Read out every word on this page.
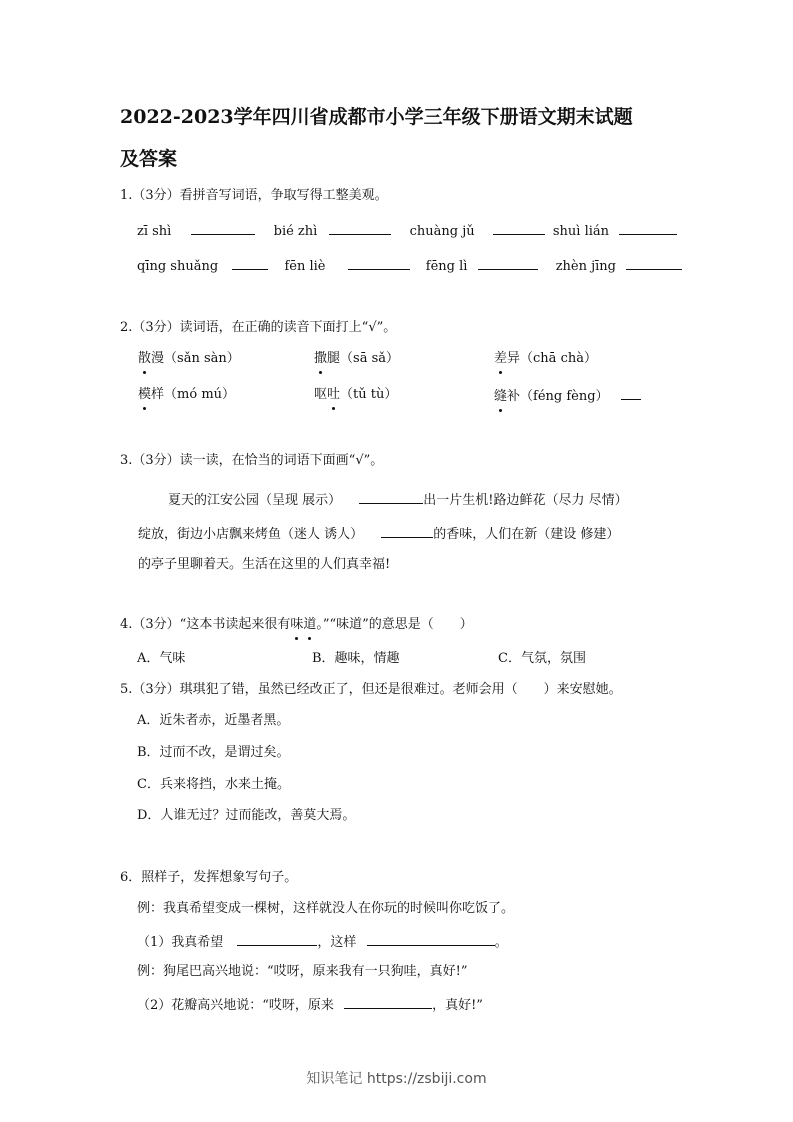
2022-2023学年四川省成都市小学三年级下册语文期末试题
及答案
1.（3分）看拼音写词语，争取写得工整美观。
zī shì	bié zhì	chuàng jǔ	shuì lián
qīng shuǎng	fēn liè	fēng lì	zhèn jīng
2.（3分）读词语，在正确的读音下面打上“√”。
散漫（sǎn sàn）	撒腿（sā sǎ）	差异（chā chà）
模样（mó mú）	呕吐（tǔ tù）	缝补（féng fèng）
3.（3分）读一读，在恰当的词语下面画“√”。
夏天的江安公园（呈现 展示）	出一片生机!路边鲜花（尽力 尽情）
绽放，街边小店飘来烤鱼（迷人 诱人）	的香味，人们在新（建设 修建）
的亭子里聊着天。生活在这里的人们真幸福!
4.（3分）“这本书读起来很有味道。”“味道”的意思是（　　）
A．气味	B．趣味，情趣	C．气氛，氛围
5.（3分）琪琪犯了错，虽然已经改正了，但还是很难过。老师会用（　　）来安慰她。
A．近朱者赤，近墨者黑。
B．过而不改，是谓过矣。
C．兵来将挡，水来土掩。
D．人谁无过？过而能改，善莫大焉。
6．照样子，发挥想象写句子。
例：我真希望变成一棵树，这样就没人在你玩的时候叫你吃饭了。
（1）我真希望	，这样	。
例：狗尾巴高兴地说：“哎呀，原来我有一只狗哇，真好!”
（2）花瓣高兴地说：“哎呀，原来	，真好!”
知识笔记 https://zsbiji.com
